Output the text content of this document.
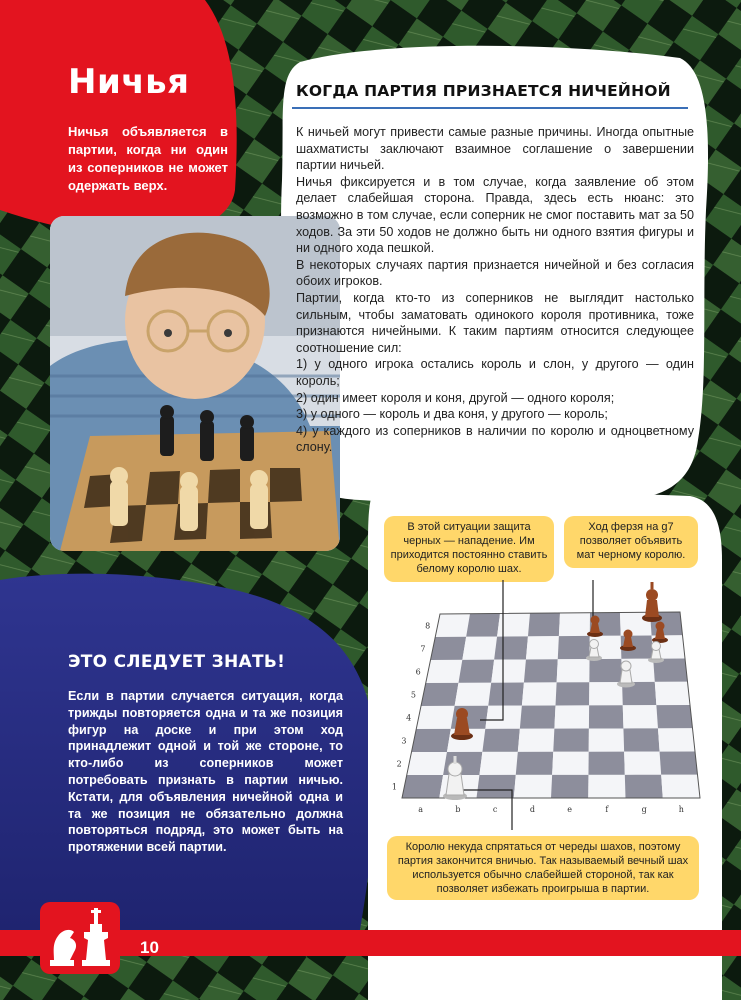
Ничья
Ничья объявляется в партии, когда ни один из соперников не может одержать верх.
КОГДА ПАРТИЯ ПРИЗНАЕТСЯ НИЧЕЙНОЙ

К ничьей могут привести самые разные причины. Иногда опытные шахматисты заключают взаимное соглашение о завершении партии ничьей.

Ничья фиксируется и в том случае, когда заявление об этом делает слабейшая сторона. Правда, здесь есть нюанс: это возможно в том случае, если соперник не смог поставить мат за 50 ходов. За эти 50 ходов не должно быть ни одного взятия фигуры и ни одного хода пешкой.

В некоторых случаях партия признается ничейной и без согласия обоих игроков.

Партии, когда кто-то из соперников не выглядит настолько сильным, чтобы заматовать одинокого короля противника, тоже признаются ничейными. К таким партиям относится следующее соотношение сил:

1) у одного игрока остались король и слон, у другого — один король;

2) один имеет короля и коня, другой — одного короля;

3) у одного — король и два коня, у другого — король;

4) у каждого из соперников в наличии по королю и одноцветному слону.

ЭТО СЛЕДУЕТ ЗНАТЬ!
Если в партии случается ситуация, когда трижды повторяется одна и та же позиция фигур на доске и при этом ход принадлежит одной и той же стороне, то кто-либо из соперников может потребовать признать в партии ничью. Кстати, для объявления ничейной одна и та же позиция не обязательно должна повторяться подряд, это может быть на протяжении всей партии.
В этой ситуации защита черных — нападение. Им приходится постоянно ставить белому королю шах.
Ход ферзя на g7 позволяет объявить мат черному королю.
Королю некуда спрятаться от череды шахов, поэтому партия закончится вничью. Так называемый вечный шах используется обычно слабейшей стороной, так как позволяет избежать проигрыша в партии.
a	b	c	d	e	f	g	h
1
2
3
4
5
6
7
8
10
